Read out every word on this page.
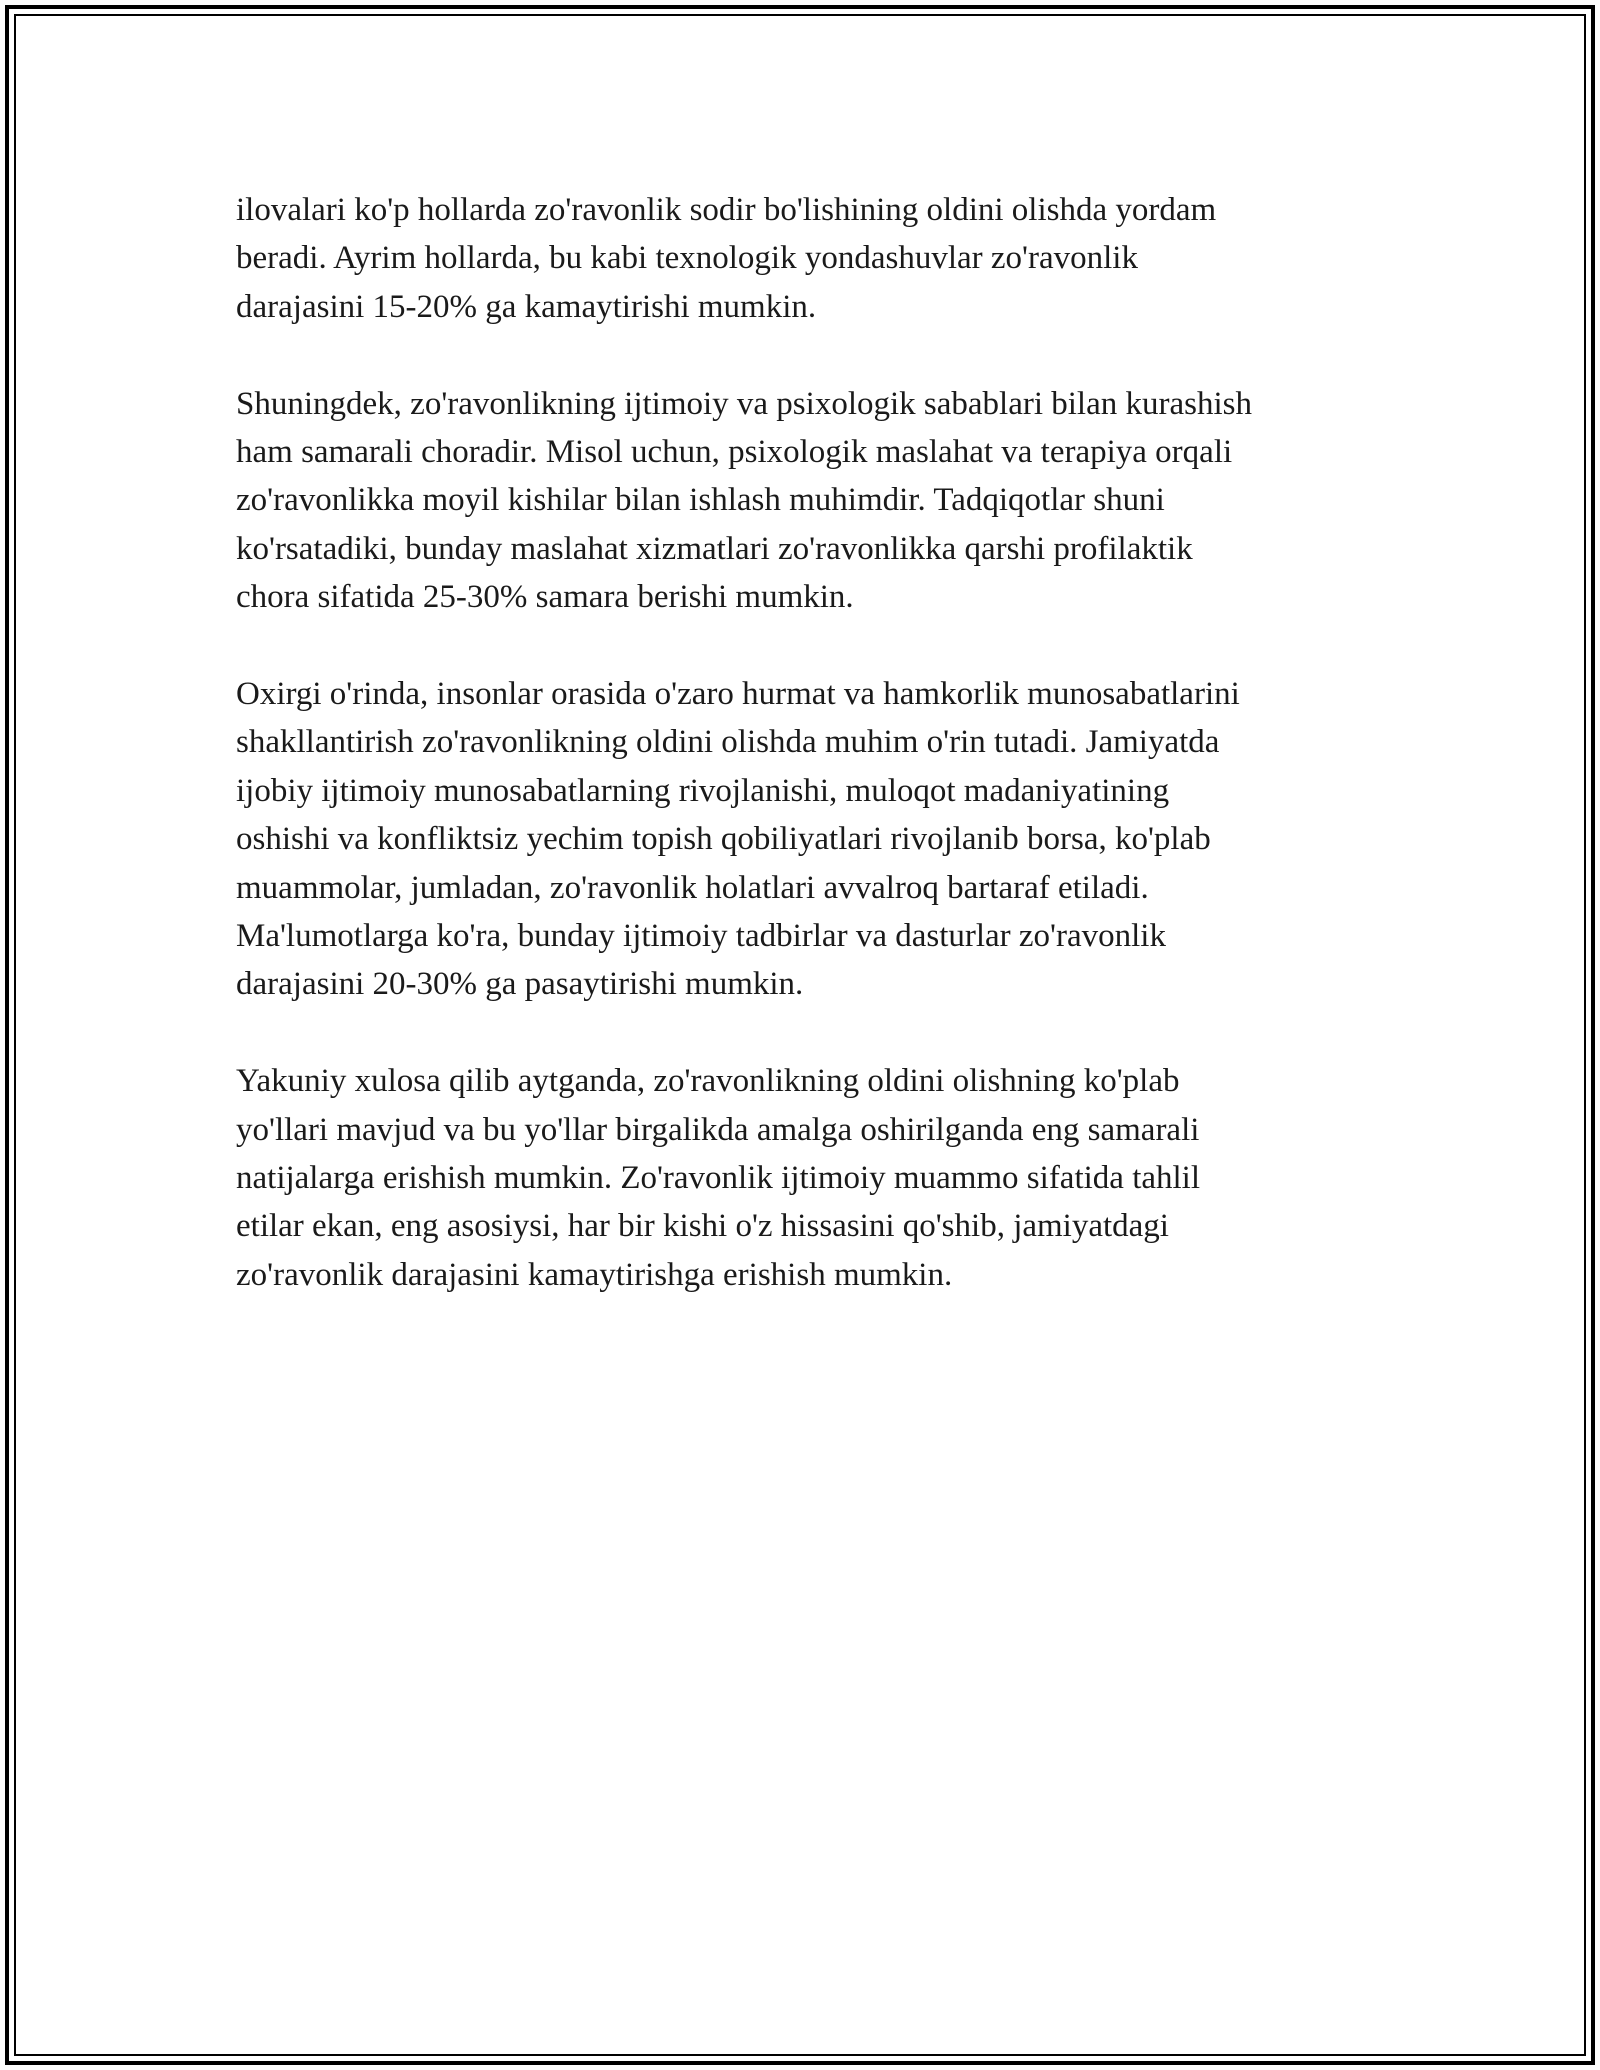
ilovalari ko'p hollarda zo'ravonlik sodir bo'lishining oldini olishda yordam
beradi. Ayrim hollarda, bu kabi texnologik yondashuvlar zo'ravonlik
darajasini 15-20% ga kamaytirishi mumkin.

Shuningdek, zo'ravonlikning ijtimoiy va psixologik sabablari bilan kurashish
ham samarali choradir. Misol uchun, psixologik maslahat va terapiya orqali
zo'ravonlikka moyil kishilar bilan ishlash muhimdir. Tadqiqotlar shuni
ko'rsatadiki, bunday maslahat xizmatlari zo'ravonlikka qarshi profilaktik
chora sifatida 25-30% samara berishi mumkin.

Oxirgi o'rinda, insonlar orasida o'zaro hurmat va hamkorlik munosabatlarini
shakllantirish zo'ravonlikning oldini olishda muhim o'rin tutadi. Jamiyatda
ijobiy ijtimoiy munosabatlarning rivojlanishi, muloqot madaniyatining
oshishi va konfliktsiz yechim topish qobiliyatlari rivojlanib borsa, ko'plab
muammolar, jumladan, zo'ravonlik holatlari avvalroq bartaraf etiladi.
Ma'lumotlarga ko'ra, bunday ijtimoiy tadbirlar va dasturlar zo'ravonlik
darajasini 20-30% ga pasaytirishi mumkin.

Yakuniy xulosa qilib aytganda, zo'ravonlikning oldini olishning ko'plab
yo'llari mavjud va bu yo'llar birgalikda amalga oshirilganda eng samarali
natijalarga erishish mumkin. Zo'ravonlik ijtimoiy muammo sifatida tahlil
etilar ekan, eng asosiysi, har bir kishi o'z hissasini qo'shib, jamiyatdagi
zo'ravonlik darajasini kamaytirishga erishish mumkin.
